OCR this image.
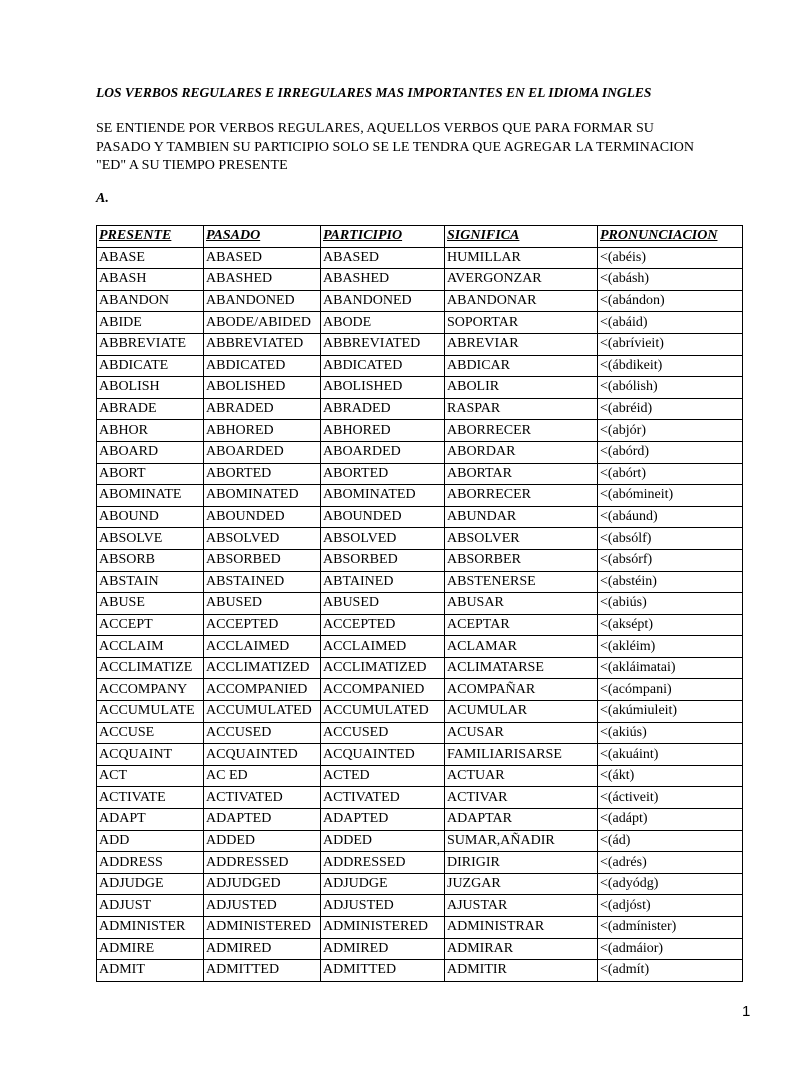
LOS VERBOS REGULARES E IRREGULARES MAS IMPORTANTES EN EL IDIOMA INGLES
SE ENTIENDE POR VERBOS REGULARES, AQUELLOS VERBOS QUE PARA FORMAR SU
PASADO Y TAMBIEN SU PARTICIPIO SOLO SE LE TENDRA QUE AGREGAR LA TERMINACION
"ED" A SU TIEMPO PRESENTE
A.
PRESENTE	PASADO	PARTICIPIO	SIGNIFICA	PRONUNCIACION
ABASE	ABASED	ABASED	HUMILLAR	<(abéis)
ABASH	ABASHED	ABASHED	AVERGONZAR	<(abásh)
ABANDON	ABANDONED	ABANDONED	ABANDONAR	<(abándon)
ABIDE	ABODE/ABIDED	ABODE	SOPORTAR	<(abáid)
ABBREVIATE	ABBREVIATED	ABBREVIATED	ABREVIAR	<(abrívieit)
ABDICATE	ABDICATED	ABDICATED	ABDICAR	<(ábdikeit)
ABOLISH	ABOLISHED	ABOLISHED	ABOLIR	<(abólish)
ABRADE	ABRADED	ABRADED	RASPAR	<(abréid)
ABHOR	ABHORED	ABHORED	ABORRECER	<(abjór)
ABOARD	ABOARDED	ABOARDED	ABORDAR	<(abórd)
ABORT	ABORTED	ABORTED	ABORTAR	<(abórt)
ABOMINATE	ABOMINATED	ABOMINATED	ABORRECER	<(abómineit)
ABOUND	ABOUNDED	ABOUNDED	ABUNDAR	<(abáund)
ABSOLVE	ABSOLVED	ABSOLVED	ABSOLVER	<(absólf)
ABSORB	ABSORBED	ABSORBED	ABSORBER	<(absórf)
ABSTAIN	ABSTAINED	ABTAINED	ABSTENERSE	<(abstéin)
ABUSE	ABUSED	ABUSED	ABUSAR	<(abiús)
ACCEPT	ACCEPTED	ACCEPTED	ACEPTAR	<(aksépt)
ACCLAIM	ACCLAIMED	ACCLAIMED	ACLAMAR	<(akléim)
ACCLIMATIZE	ACCLIMATIZED	ACCLIMATIZED	ACLIMATARSE	<(akláimatai)
ACCOMPANY	ACCOMPANIED	ACCOMPANIED	ACOMPAÑAR	<(acómpani)
ACCUMULATE	ACCUMULATED	ACCUMULATED	ACUMULAR	<(akúmiuleit)
ACCUSE	ACCUSED	ACCUSED	ACUSAR	<(akiús)
ACQUAINT	ACQUAINTED	ACQUAINTED	FAMILIARISARSE	<(akuáint)
ACT	AC ED	ACTED	ACTUAR	<(ákt)
ACTIVATE	ACTIVATED	ACTIVATED	ACTIVAR	<(áctiveit)
ADAPT	ADAPTED	ADAPTED	ADAPTAR	<(adápt)
ADD	ADDED	ADDED	SUMAR,AÑADIR	<(ád)
ADDRESS	ADDRESSED	ADDRESSED	DIRIGIR	<(adrés)
ADJUDGE	ADJUDGED	ADJUDGE	JUZGAR	<(adyódg)
ADJUST	ADJUSTED	ADJUSTED	AJUSTAR	<(adjóst)
ADMINISTER	ADMINISTERED	ADMINISTERED	ADMINISTRAR	<(admínister)
ADMIRE	ADMIRED	ADMIRED	ADMIRAR	<(admáior)
ADMIT	ADMITTED	ADMITTED	ADMITIR	<(admít)
1
